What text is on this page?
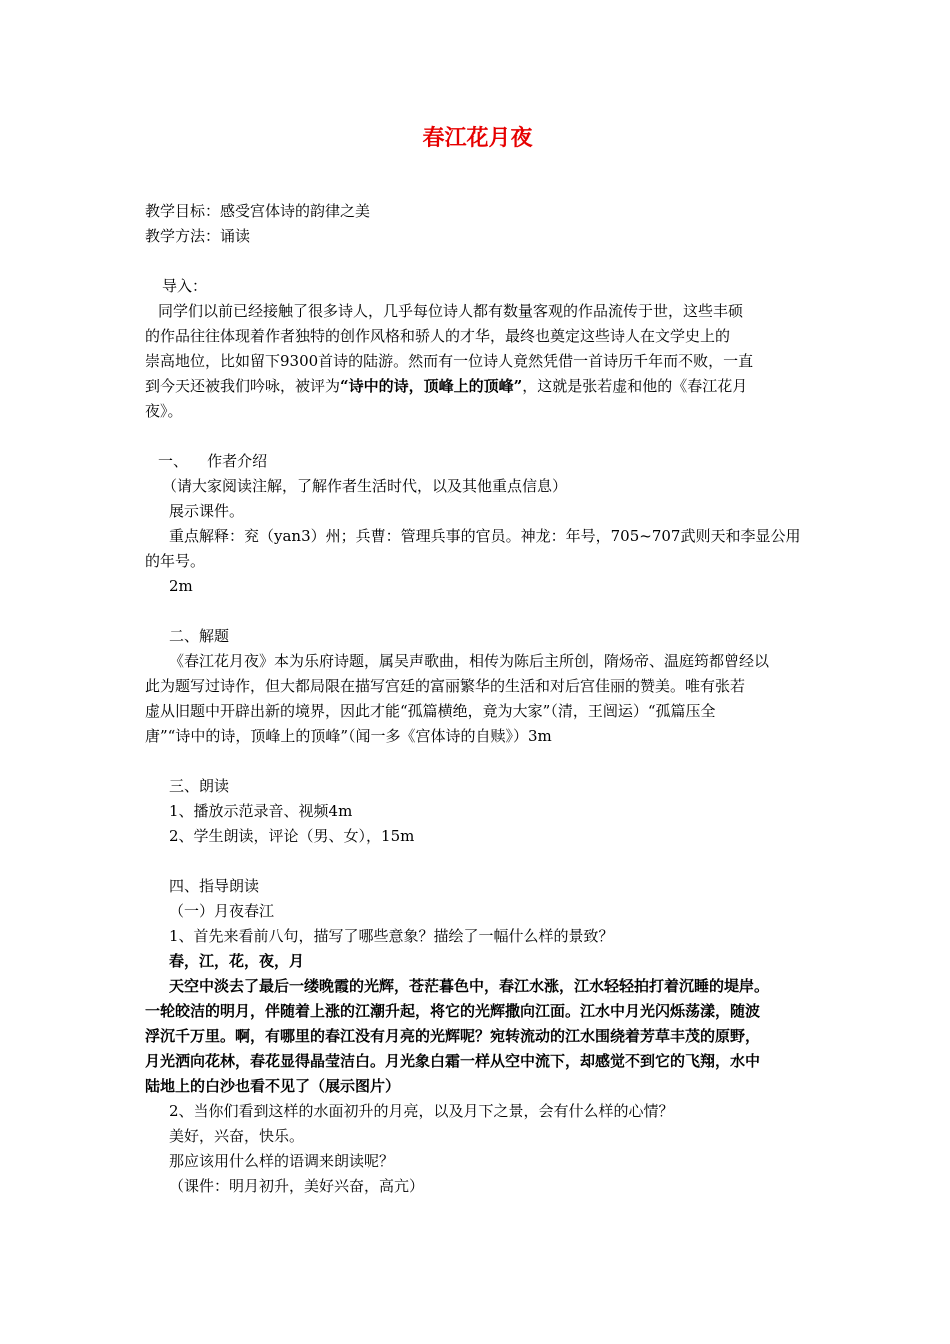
春江花月夜
教学目标：感受宫体诗的韵律之美
教学方法：诵读
导入：
同学们以前已经接触了很多诗人，几乎每位诗人都有数量客观的作品流传于世，这些丰硕
的作品往往体现着作者独特的创作风格和骄人的才华，最终也奠定这些诗人在文学史上的
崇高地位，比如留下9300首诗的陆游。然而有一位诗人竟然凭借一首诗历千年而不败，一直
到今天还被我们吟咏，被评为“诗中的诗，顶峰上的顶峰”，这就是张若虚和他的《春江花月
夜》。
一、    作者介绍
（请大家阅读注解，了解作者生活时代，以及其他重点信息）
展示课件。
重点解释：兖（yan3）州；兵曹：管理兵事的官员。神龙：年号，705~707武则天和李显公用
的年号。
2m
二、解题
《春江花月夜》本为乐府诗题，属吴声歌曲，相传为陈后主所创，隋炀帝、温庭筠都曾经以
此为题写过诗作，但大都局限在描写宫廷的富丽繁华的生活和对后宫佳丽的赞美。唯有张若
虚从旧题中开辟出新的境界，因此才能“孤篇横绝，竟为大家”（清，王闿运）“孤篇压全
唐”“诗中的诗，顶峰上的顶峰”（闻一多《宫体诗的自赎》）3m
三、朗读
1、播放示范录音、视频4m
2、学生朗读，评论（男、女），15m
四、指导朗读
（一）月夜春江
1、首先来看前八句，描写了哪些意象？描绘了一幅什么样的景致？
春，江，花，夜，月
天空中淡去了最后一缕晚霞的光辉，苍茫暮色中，春江水涨，江水轻轻拍打着沉睡的堤岸。
一轮皎洁的明月，伴随着上涨的江潮升起，将它的光辉撒向江面。江水中月光闪烁荡漾，随波
浮沉千万里。啊，有哪里的春江没有月亮的光辉呢？宛转流动的江水围绕着芳草丰茂的原野，
月光洒向花林，春花显得晶莹洁白。月光象白霜一样从空中流下，却感觉不到它的飞翔，水中
陆地上的白沙也看不见了（展示图片）
2、当你们看到这样的水面初升的月亮，以及月下之景，会有什么样的心情？
美好，兴奋，快乐。
那应该用什么样的语调来朗读呢？
（课件：明月初升，美好兴奋，高亢）
